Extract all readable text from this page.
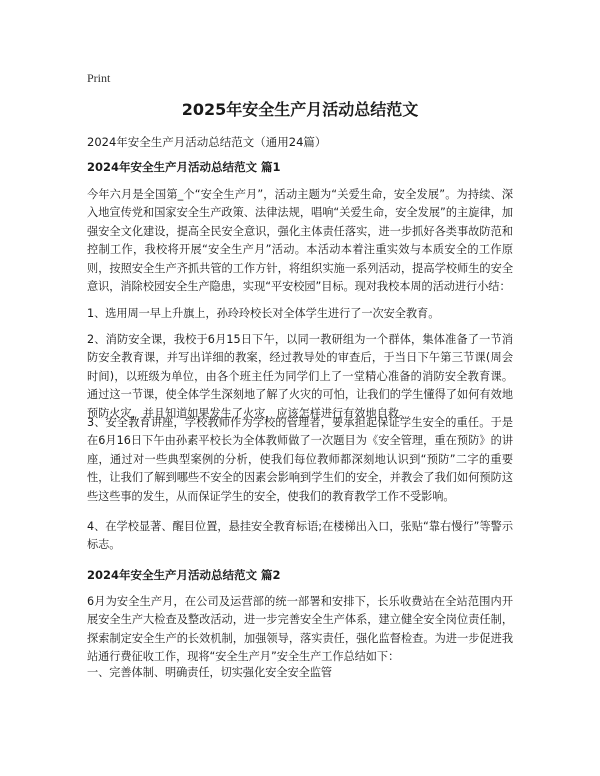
Print
2025年安全生产月活动总结范文
2024年安全生产月活动总结范文（通用24篇）
2024年安全生产月活动总结范文 篇1
今年六月是全国第_个“安全生产月”，活动主题为“关爱生命，安全发展”。为持续、深入地宣传党和国家安全生产政策、法律法规，唱响“关爱生命，安全发展”的主旋律，加强安全文化建设，提高全民安全意识，强化主体责任落实，进一步抓好各类事故防范和控制工作，我校将开展“安全生产月”活动。本活动本着注重实效与本质安全的工作原则，按照安全生产齐抓共管的工作方针，将组织实施一系列活动，提高学校师生的安全意识，消除校园安全生产隐患，实现“平安校园”目标。现对我校本周的活动进行小结：
1、选用周一早上升旗上，孙玲玲校长对全体学生进行了一次安全教育。
2、消防安全课，我校于6月15日下午，以同一教研组为一个群体，集体准备了一节消防安全教育课，并写出详细的教案，经过教导处的审查后，于当日下午第三节课(周会时间)，以班级为单位，由各个班主任为同学们上了一堂精心准备的消防安全教育课。通过这一节课，使全体学生深刻地了解了火灾的可怕，让我们的学生懂得了如何有效地预防火灾，并且知道如果发生了火灾，应该怎样进行有效地自救。
3、安全教育讲座，学校教师作为学校的管理者，要承担起保证学生安全的重任。于是在6月16日下午由孙素平校长为全体教师做了一次题目为《安全管理，重在预防》的讲座，通过对一些典型案例的分析，使我们每位教师都深刻地认识到“预防”二字的重要性，让我们了解到哪些不安全的因素会影响到学生们的安全，并教会了我们如何预防这些这些事的发生，从而保证学生的安全，使我们的教育教学工作不受影响。
4、在学校显著、醒目位置，悬挂安全教育标语;在楼梯出入口，张贴“靠右慢行”等警示标志。
2024年安全生产月活动总结范文 篇2
6月为安全生产月，在公司及运营部的统一部署和安排下，长乐收费站在全站范围内开展安全生产大检查及整改活动，进一步完善安全生产体系，建立健全安全岗位责任制，探索制定安全生产的长效机制，加强领导，落实责任，强化监督检查。为进一步促进我站通行费征收工作，现将“安全生产月”安全生产工作总结如下：
一、完善体制、明确责任，切实强化安全安全监管
